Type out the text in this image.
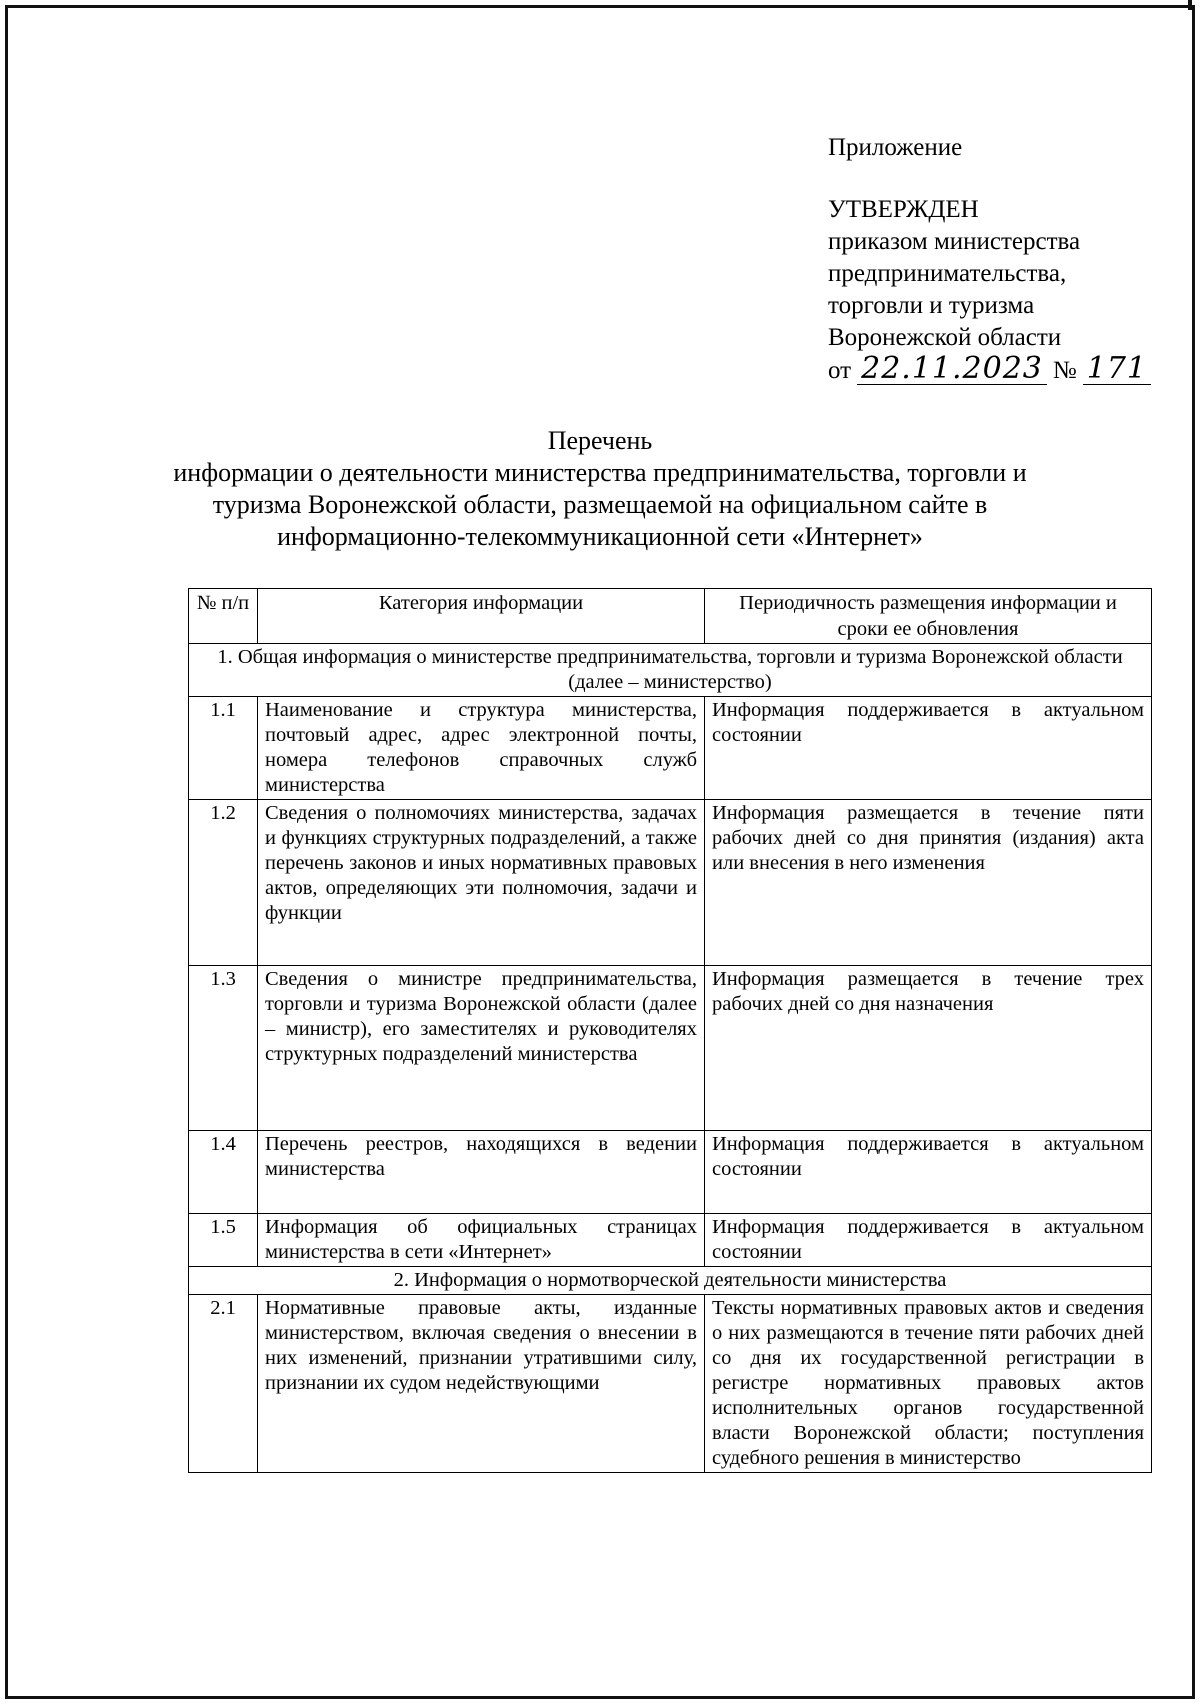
Приложение
УТВЕРЖДЕН
приказом министерства
предпринимательства,
торговли и туризма
Воронежской области
от 22.11.2023 № 171
Перечень
информации о деятельности министерства предпринимательства, торговли и
туризма Воронежской области, размещаемой на официальном сайте в
информационно-телекоммуникационной сети «Интернет»
№ п/п	Категория информации	Периодичность размещения информации и сроки ее обновления
1. Общая информация о министерстве предпринимательства, торговли и туризма Воронежской области (далее – министерство)		
1.1	Наименование и структура министерства, почтовый адрес, адрес электронной почты, номера телефонов справочных служб министерства	Информация поддерживается в актуальном состоянии
1.2	Сведения о полномочиях министерства, задачах и функциях структурных подразделений, а также перечень законов и иных нормативных правовых актов, определяющих эти полномочия, задачи и функции	Информация размещается в течение пяти рабочих дней со дня принятия (издания) акта или внесения в него изменения
1.3	Сведения о министре предпринимательства, торговли и туризма Воронежской области (далее – министр), его заместителях и руководителях структурных подразделений министерства	Информация размещается в течение трех рабочих дней со дня назначения
1.4	Перечень реестров, находящихся в ведении министерства	Информация поддерживается в актуальном состоянии
1.5	Информация об официальных страницах министерства в сети «Интернет»	Информация поддерживается в актуальном состоянии
2. Информация о нормотворческой деятельности министерства		
2.1	Нормативные правовые акты, изданные министерством, включая сведения о внесении в них изменений, признании утратившими силу, признании их судом недействующими	Тексты нормативных правовых актов и сведения о них размещаются в течение пяти рабочих дней со дня их государственной регистрации в регистре нормативных правовых актов исполнительных органов государственной власти Воронежской области; поступления судебного решения в министерство
